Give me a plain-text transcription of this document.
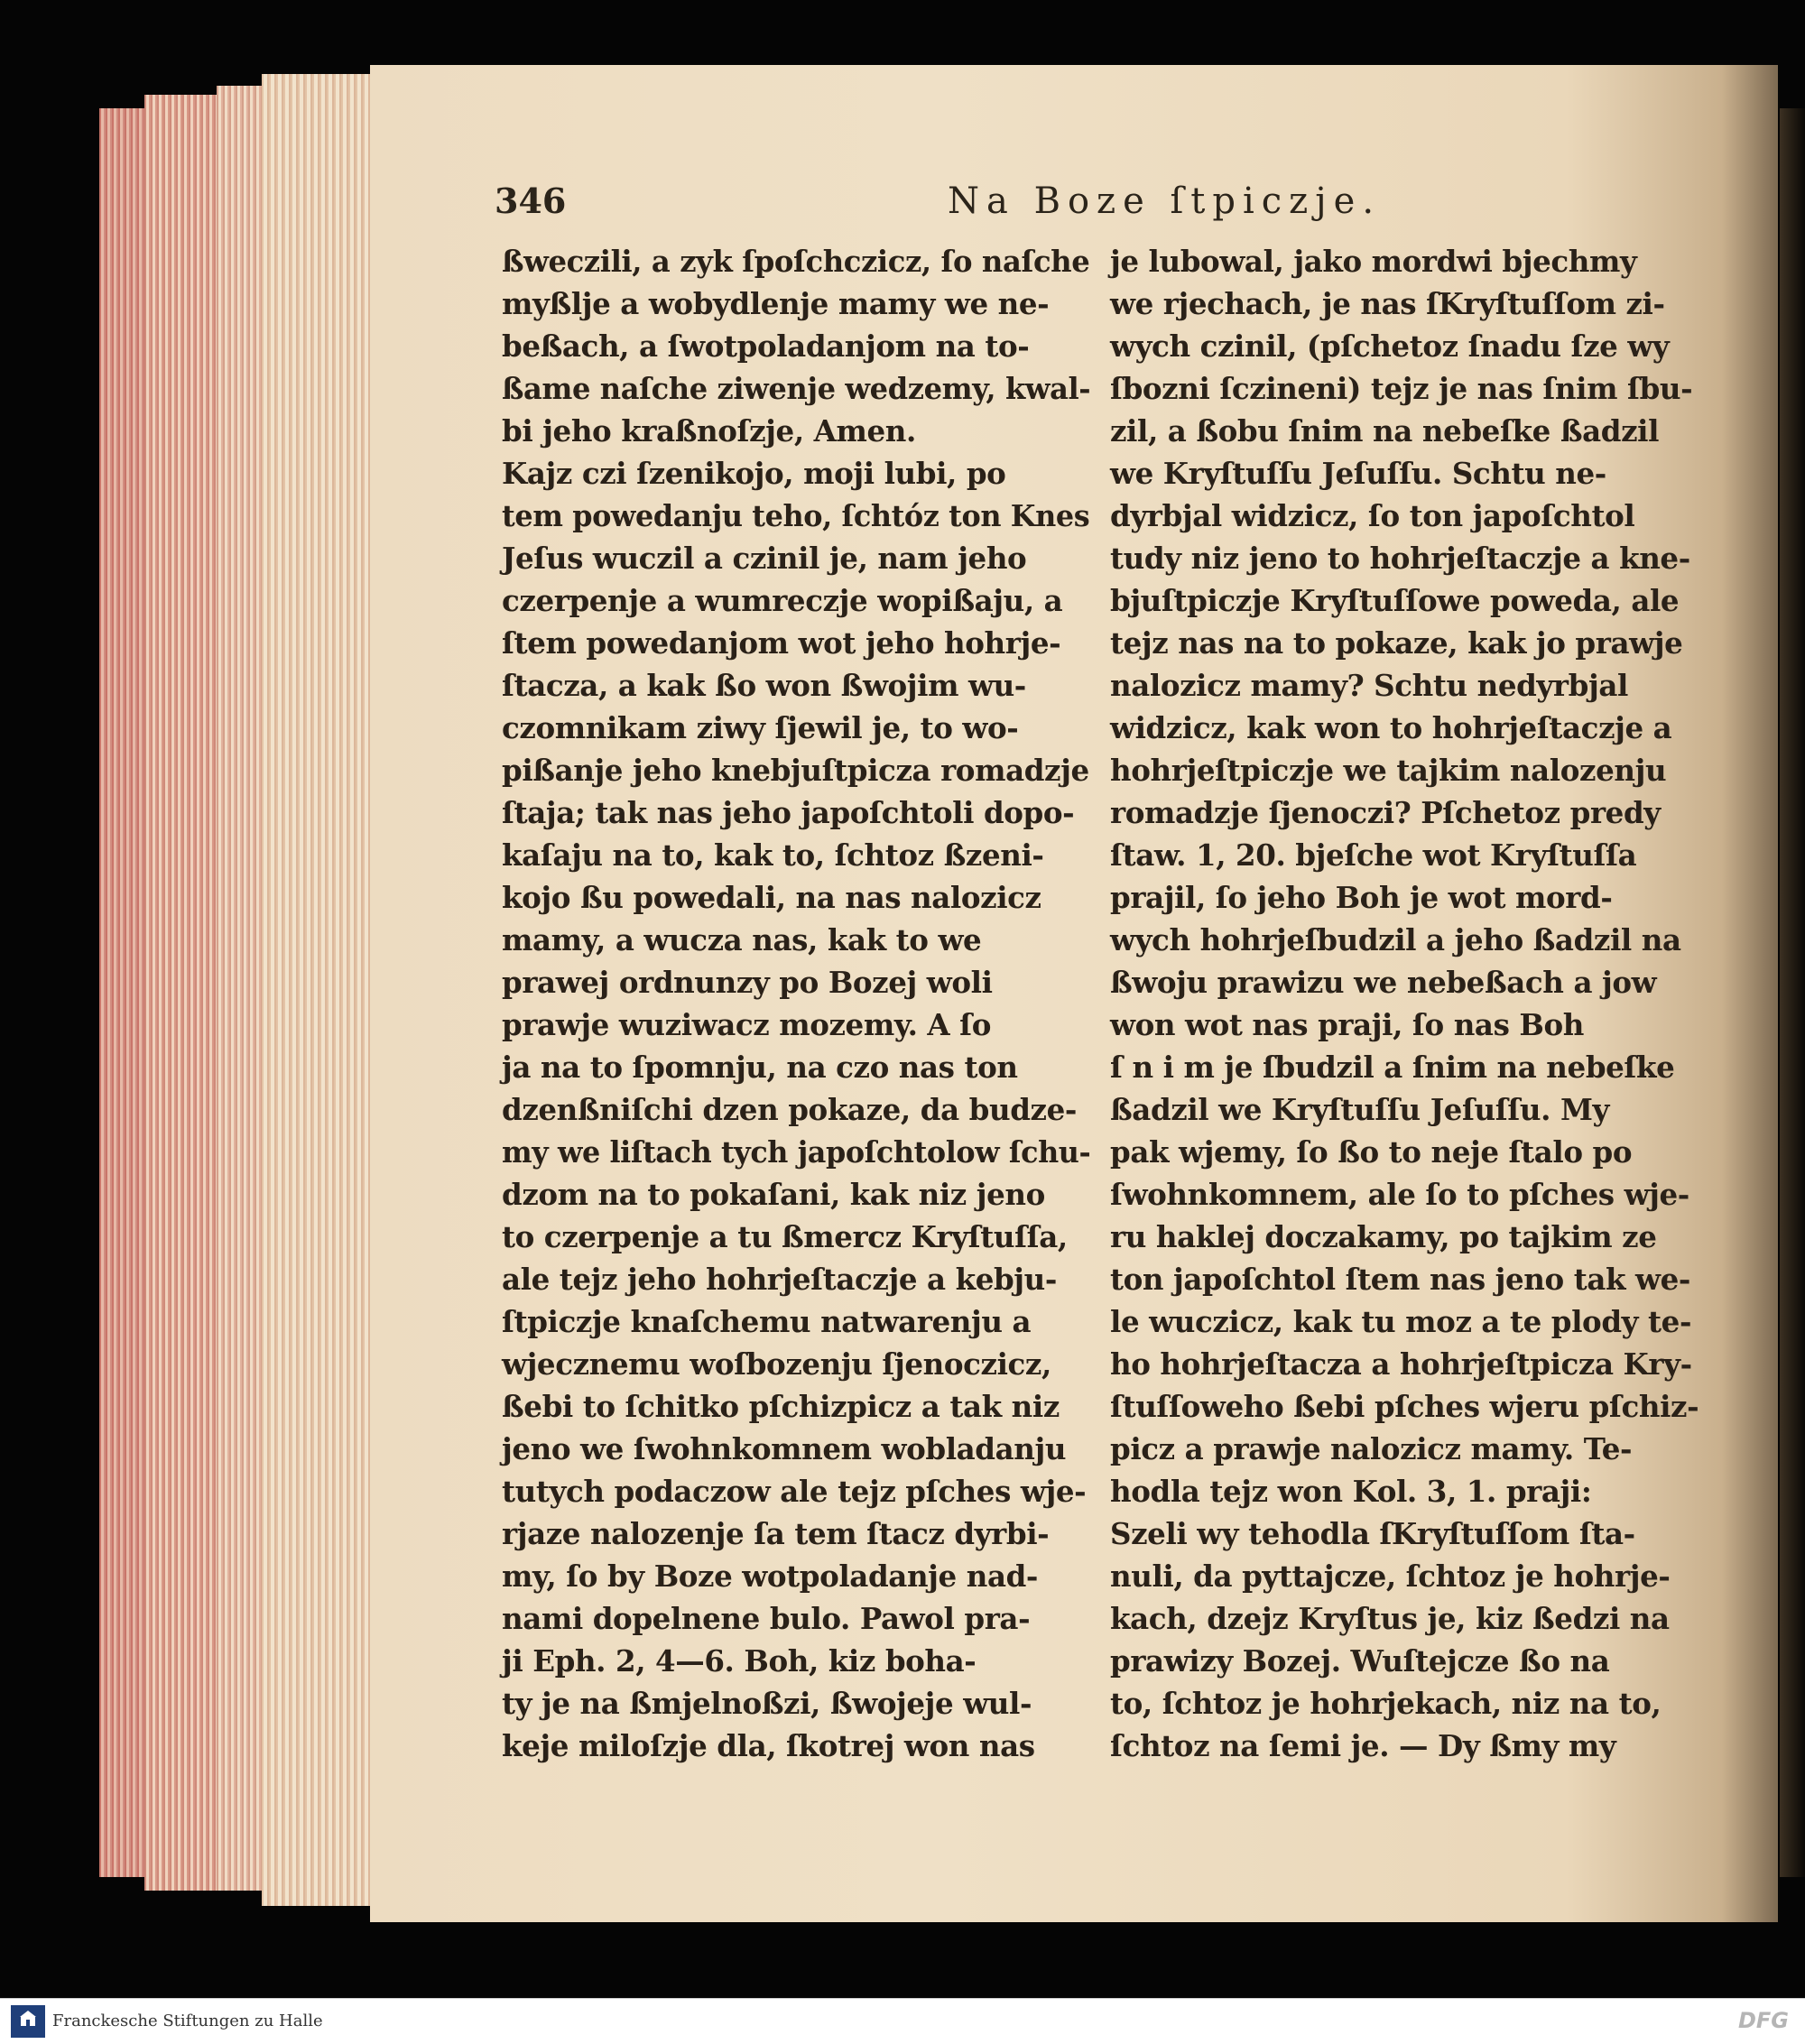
346	Na Boze ſtpiczje.
ßweczili, a zyk ſpoſchczicz, ſo naſche
myßlje a wobydlenje mamy we ne-
beßach, a ſwotpoladanjom na to-
ßame naſche ziwenje wedzemy, kwal-
bi jeho kraßnoſzje, Amen.
Kajz czi ſzenikojo, moji lubi, po
tem powedanju teho, ſchtóz ton Knes
Jeſus wuczil a czinil je, nam jeho
czerpenje a wumreczje wopißaju, a
ſtem powedanjom wot jeho hohrje-
ſtacza, a kak ßo won ßwojim wu-
czomnikam ziwy ſjewil je, to wo-
pißanje jeho knebjuſtpicza romadzje
ſtaja; tak nas jeho japoſchtoli dopo-
kaſaju na to, kak to, ſchtoz ßzeni-
kojo ßu powedali, na nas nalozicz
mamy, a wucza nas, kak to we
prawej ordnunzy po Bozej woli
prawje wuziwacz mozemy. A ſo
ja na to ſpomnju, na czo nas ton
dzenßniſchi dzen pokaze, da budze-
my we liſtach tych japoſchtolow ſchu-
dzom na to pokaſani, kak niz jeno
to czerpenje a tu ßmercz Kryſtuſſa,
ale tejz jeho hohrjeſtaczje a kebju-
ſtpiczje knaſchemu natwarenju a
wjecznemu woſbozenju ſjenoczicz,
ßebi to ſchitko pſchizpicz a tak niz
jeno we ſwohnkomnem wobladanju
tutych podaczow ale tejz pſches wje-
rjaze nalozenje ſa tem ſtacz dyrbi-
my, ſo by Boze wotpoladanje nad-
nami dopelnene bulo. Pawol pra-
ji Eph. 2, 4—6. Boh, kiz boha-
ty je na ßmjelnoßzi, ßwojeje wul-
keje miloſzje dla, ſkotrej won nas
je lubowal, jako mordwi bjechmy
we rjechach, je nas ſKryſtuſſom zi-
wych czinil, (pſchetoz ſnadu ſze wy
ſbozni ſczineni) tejz je nas ſnim ſbu-
zil, a ßobu ſnim na nebeſke ßadzil
we Kryſtuſſu Jeſuſſu. Schtu ne-
dyrbjal widzicz, ſo ton japoſchtol
tudy niz jeno to hohrjeſtaczje a kne-
bjuſtpiczje Kryſtuſſowe poweda, ale
tejz nas na to pokaze, kak jo prawje
nalozicz mamy? Schtu nedyrbjal
widzicz, kak won to hohrjeſtaczje a
hohrjeſtpiczje we tajkim nalozenju
romadzje ſjenoczi? Pſchetoz predy
ſtaw. 1, 20. bjeſche wot Kryſtuſſa
prajil, ſo jeho Boh je wot mord-
wych hohrjeſbudzil a jeho ßadzil na
ßwoju prawizu we nebeßach a jow
won wot nas praji, ſo nas Boh
ſ n i m je ſbudzil a ſnim na nebeſke
ßadzil we Kryſtuſſu Jeſuſſu. My
pak wjemy, ſo ßo to neje ſtalo po
ſwohnkomnem, ale ſo to pſches wje-
ru haklej doczakamy, po tajkim ze
ton japoſchtol ſtem nas jeno tak we-
le wuczicz, kak tu moz a te plody te-
ho hohrjeſtacza a hohrjeſtpicza Kry-
ſtuſſoweho ßebi pſches wjeru pſchiz-
picz a prawje nalozicz mamy. Te-
hodla tejz won Kol. 3, 1. praji:
Szeli wy tehodla ſKryſtuſſom ſta-
nuli, da pyttajcze, ſchtoz je hohrje-
kach, dzejz Kryſtus je, kiz ßedzi na
prawizy Bozej. Wuſtejcze ßo na
to, ſchtoz je hohrjekach, niz na to,
ſchtoz na ſemi je. — Dy ßmy my
Franckesche Stiftungen zu Halle	DFG
